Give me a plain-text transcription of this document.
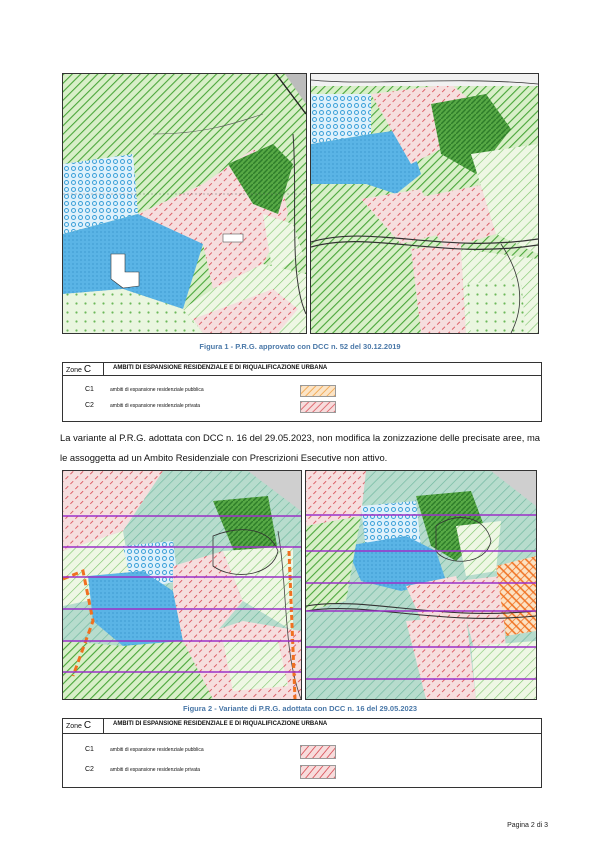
Figura 1 - P.R.G. approvato con DCC n. 52 del 30.12.2019
Zone C	AMBITI DI ESPANSIONE RESIDENZIALE E DI RIQUALIFICAZIONE URBANA
C1	ambiti di espansione residenziale pubblica
C2	ambiti di espansione residenziale privata
La variante al P.R.G. adottata con DCC n. 16 del 29.05.2023, non modifica la zonizzazione delle precisate aree, ma le assoggetta ad un Ambito Residenziale con Prescrizioni Esecutive non attivo.
Figura 2 - Variante di P.R.G. adottata con DCC n. 16 del 29.05.2023
Zone C	AMBITI DI ESPANSIONE RESIDENZIALE E DI RIQUALIFICAZIONE URBANA
C1	ambiti di espansione residenziale pubblica
C2	ambiti di espansione residenziale privata
Pagina 2 di 3
